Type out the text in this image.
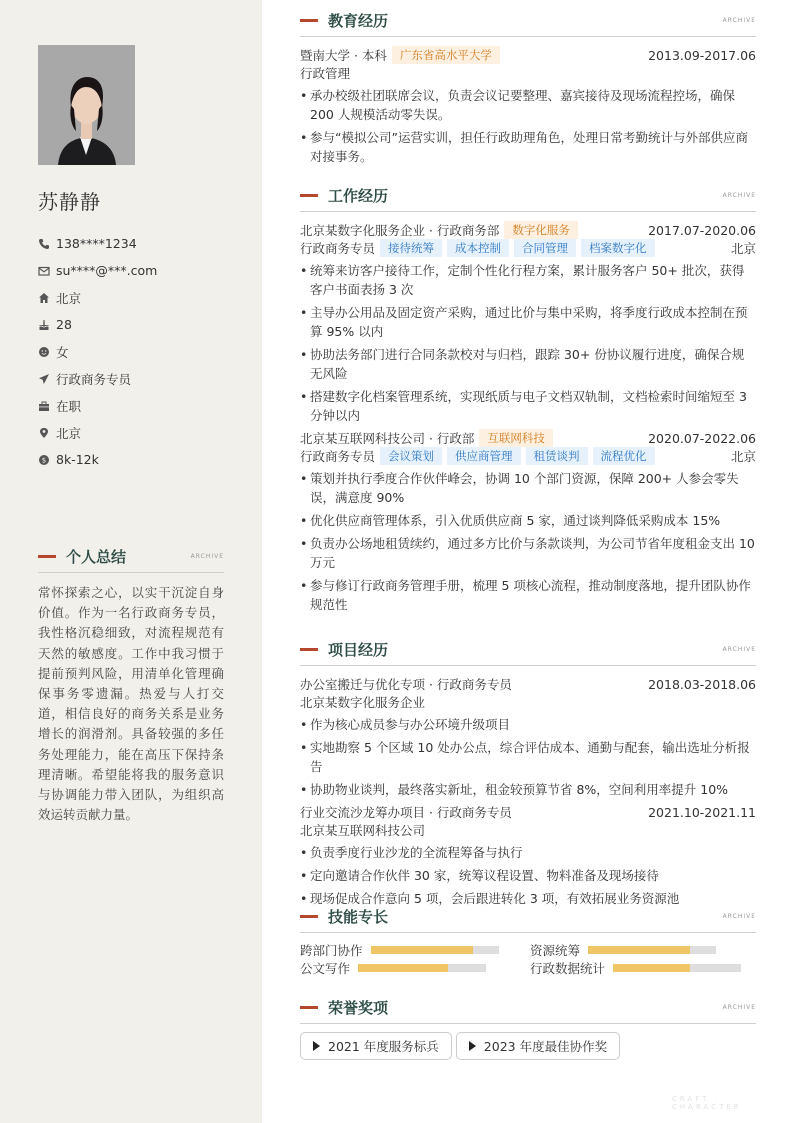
苏静静
138****1234
su****@***.com
北京
28
女
行政商务专员
在职
北京
$ 8k-12k
个人总结	ARCHIVE

常怀探索之心，以实干沉淀自身价值。作为一名行政商务专员，我性格沉稳细致，对流程规范有天然的敏感度。工作中我习惯于提前预判风险，用清单化管理确保事务零遗漏。热爱与人打交道，相信良好的商务关系是业务增长的润滑剂。具备较强的多任务处理能力，能在高压下保持条理清晰。希望能将我的服务意识与协调能力带入团队，为组织高效运转贡献力量。

教育经历	ARCHIVE
暨南大学 · 本科	广东省高水平大学	2013.09-2017.06
行政管理
• 承办校级社团联席会议，负责会议记要整理、嘉宾接待及现场流程控场，确保 200 人规模活动零失误。
• 参与“模拟公司”运营实训，担任行政助理角色，处理日常考勤统计与外部供应商对接事务。
工作经历	ARCHIVE
北京某数字化服务企业 · 行政商务部	数字化服务	2017.07-2020.06
行政商务专员	接待统筹	成本控制	合同管理	档案数字化	北京
• 统筹来访客户接待工作，定制个性化行程方案，累计服务客户 50+ 批次，获得客户书面表扬 3 次
• 主导办公用品及固定资产采购，通过比价与集中采购，将季度行政成本控制在预算 95% 以内
• 协助法务部门进行合同条款校对与归档，跟踪 30+ 份协议履行进度，确保合规无风险
• 搭建数字化档案管理系统，实现纸质与电子文档双轨制，文档检索时间缩短至 3 分钟以内
北京某互联网科技公司 · 行政部	互联网科技	2020.07-2022.06
行政商务专员	会议策划	供应商管理	租赁谈判	流程优化	北京
• 策划并执行季度合作伙伴峰会，协调 10 个部门资源，保障 200+ 人参会零失误，满意度 90%
• 优化供应商管理体系，引入优质供应商 5 家，通过谈判降低采购成本 15%
• 负责办公场地租赁续约，通过多方比价与条款谈判，为公司节省年度租金支出 10 万元
• 参与修订行政商务管理手册，梳理 5 项核心流程，推动制度落地，提升团队协作规范性
项目经历	ARCHIVE
办公室搬迁与优化专项 · 行政商务专员	2018.03-2018.06
北京某数字化服务企业
• 作为核心成员参与办公环境升级项目
• 实地勘察 5 个区域 10 处办公点，综合评估成本、通勤与配套，输出选址分析报告
• 协助物业谈判，最终落实新址，租金较预算节省 8%，空间利用率提升 10%
行业交流沙龙筹办项目 · 行政商务专员	2021.10-2021.11
北京某互联网科技公司
• 负责季度行业沙龙的全流程筹备与执行
• 定向邀请合作伙伴 30 家，统筹议程设置、物料准备及现场接待
• 现场促成合作意向 5 项，会后跟进转化 3 项，有效拓展业务资源池
技能专长	ARCHIVE
跨部门协作	资源统筹
公文写作	行政数据统计
荣誉奖项	ARCHIVE
2021 年度服务标兵	2023 年度最佳协作奖
CRAFT · CHARACTER
